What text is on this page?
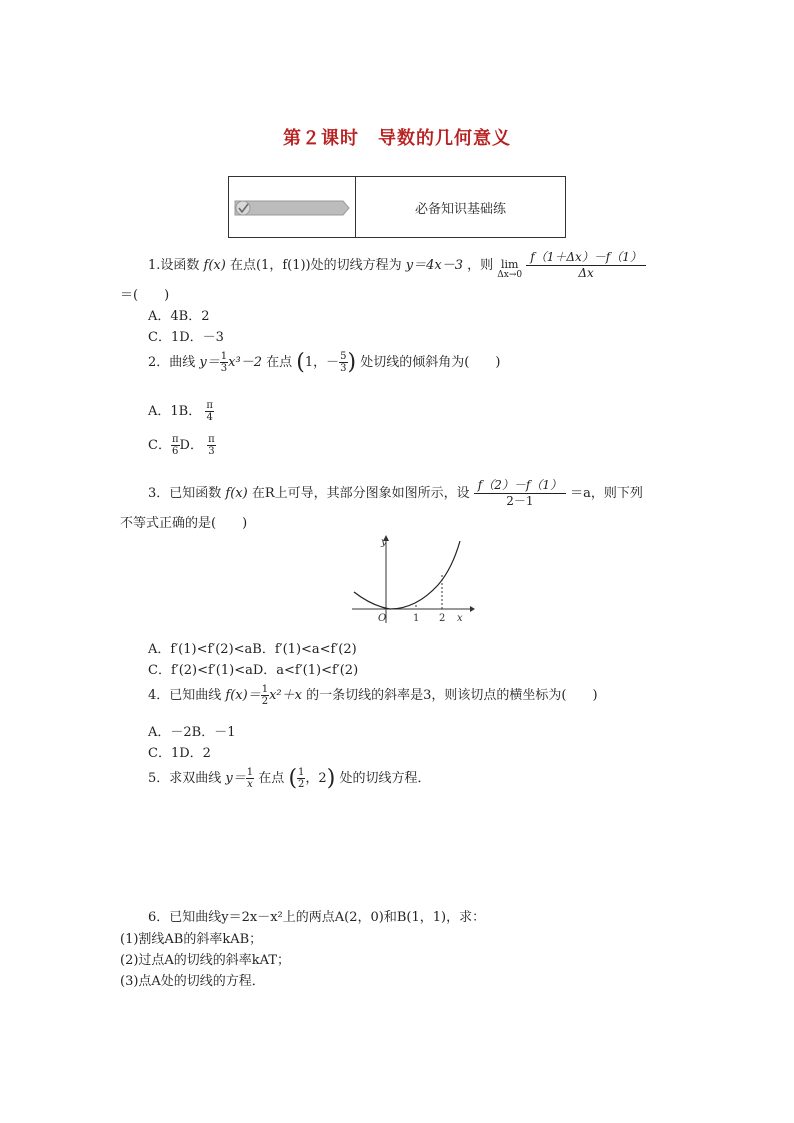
第２课时　导数的几何意义
必备知识基础练
1.设函数 f(x) 在点(1，f(1))处的切线方程为 y＝4x－3 ，则 lim
Δx→0
$\frac{f(1+\Delta x)-f(1)}{\Delta x}$
＝(　　)
A．4B．2
C．1D．－3
2．曲线 $y= \frac{1}{3} x^3-2$ 在点 (1，－ $\frac{5}{3}$ ) 处切线的倾斜角为(　　)
A．1B． $\frac{\pi}{4}$
C． $\frac{\pi}{6}$ D． $\frac{\pi}{3}$
3．已知函数 f(x) 在R上可导，其部分图象如图所示，设 $\frac{f(2)-f(1)}{2-1} =a$，则下列
不等式正确的是(　　)
y
x
O	1 2
A．f′(1)<f′(2)<aB．f′(1)<a<f′(2)
C．f′(2)<f′(1)<aD．a<f′(1)<f′(2)
4．已知曲线 $f(x)= \frac{1}{2} x^2+x$ 的一条切线的斜率是3，则该切点的横坐标为(　　)
A．－2B．－1
C．1D．2
5．求双曲线 $y= \frac{1}{x}$ 在点 ( $\frac{1}{2}$ ，2) 处的切线方程．
6．已知曲线y＝2x－x²上的两点A(2，0)和B(1，1)，求：
(1)割线AB的斜率kAB；
(2)过点A的切线的斜率kAT；
(3)点A处的切线的方程．
